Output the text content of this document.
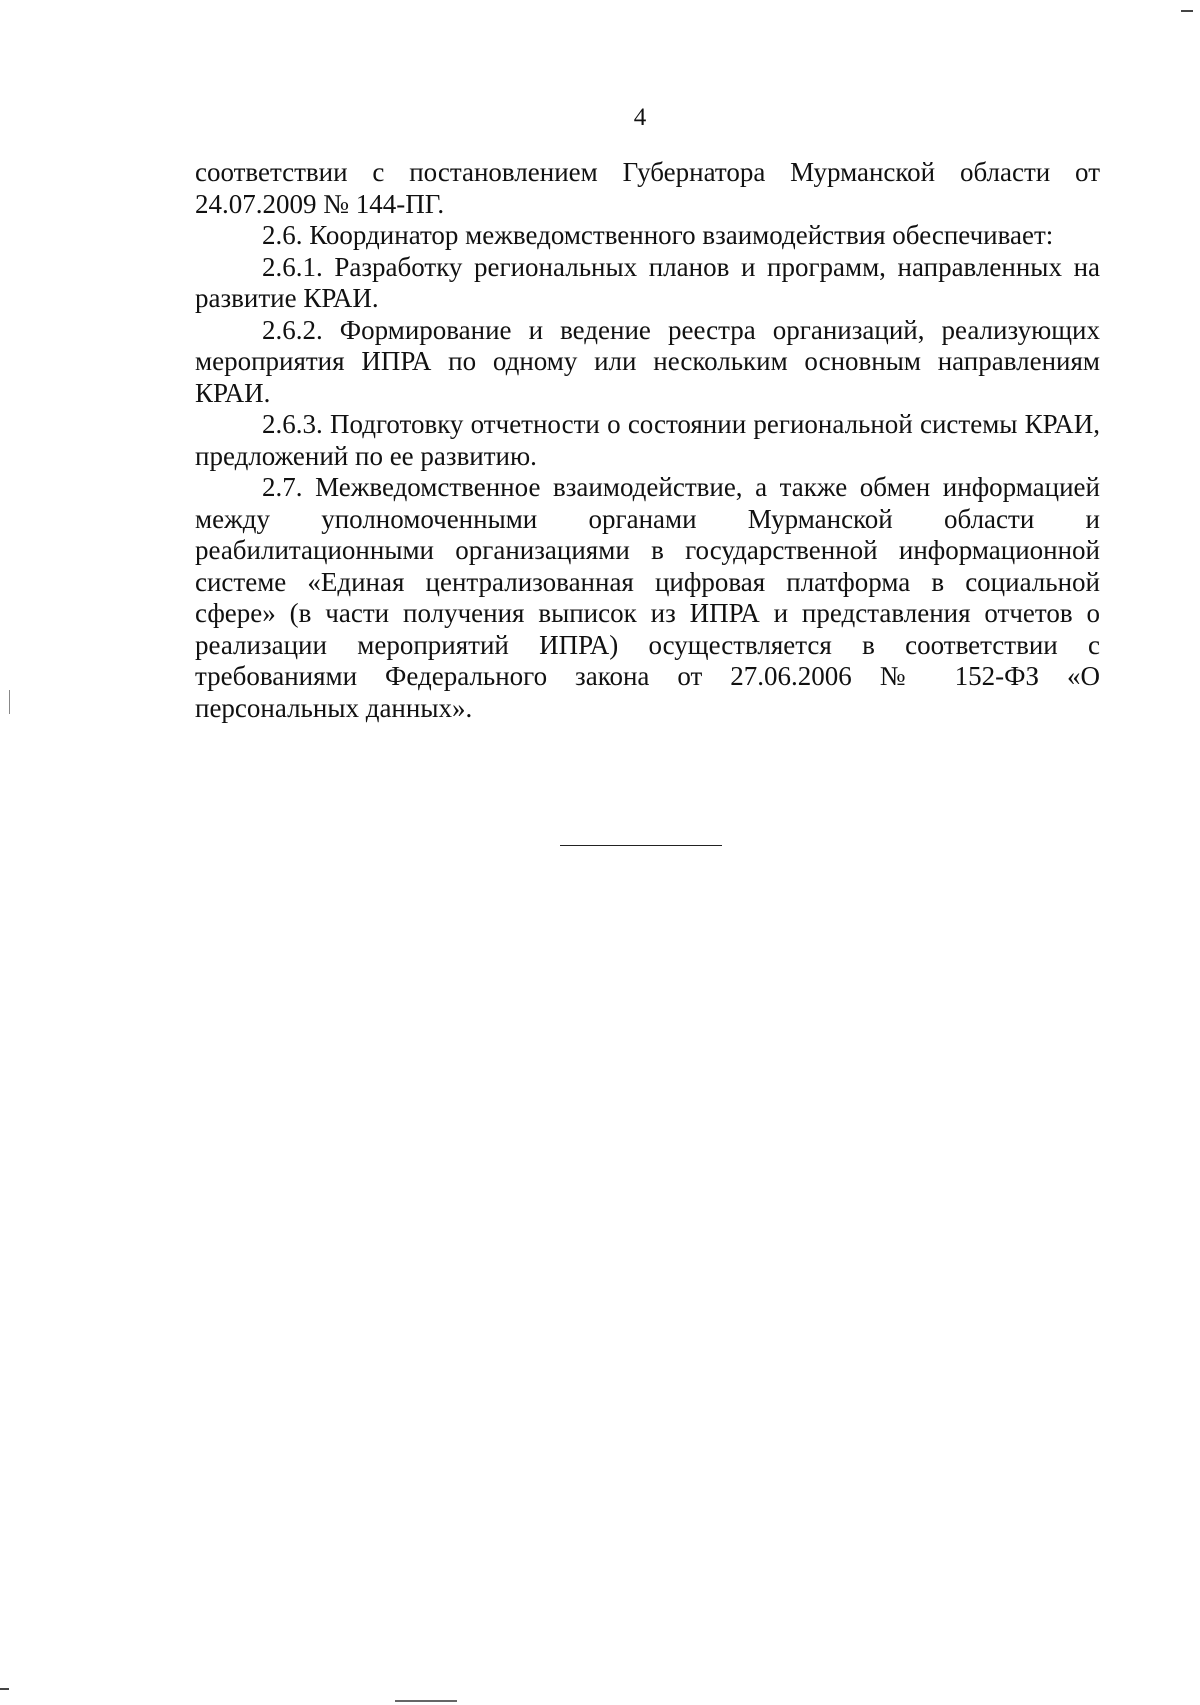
4

соответствии с постановлением Губернатора Мурманской области от 24.07.2009 № 144-ПГ.

2.6. Координатор межведомственного взаимодействия обеспечивает:

2.6.1. Разработку региональных планов и программ, направленных на развитие КРАИ.

2.6.2. Формирование и ведение реестра организаций, реализующих мероприятия ИПРА по одному или нескольким основным направлениям КРАИ.

2.6.3. Подготовку отчетности о состоянии региональной системы КРАИ, предложений по ее развитию.

2.7. Межведомственное взаимодействие, а также обмен информацией между уполномоченными органами Мурманской области и реабилитационными организациями в государственной информационной системе «Единая централизованная цифровая платформа в социальной сфере» (в части получения выписок из ИПРА и представления отчетов о реализации мероприятий ИПРА) осуществляется в соответствии с требованиями Федерального закона от 27.06.2006 № 152-ФЗ «О персональных данных».
